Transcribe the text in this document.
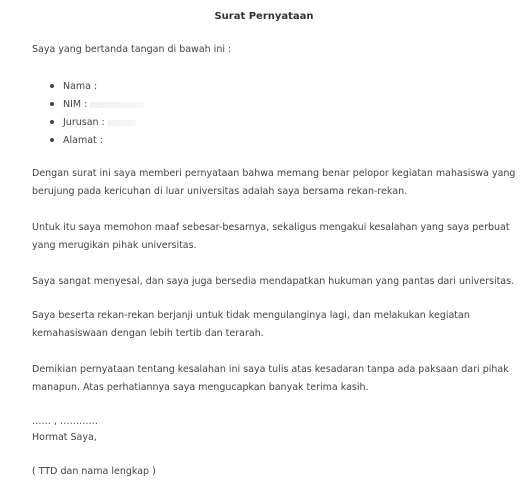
Surat Pernyataan
Saya yang bertanda tangan di bawah ini :
Nama :
NIM :
Jurusan :
Alamat :
Dengan surat ini saya memberi pernyataan bahwa memang benar pelopor kegiatan mahasiswa yang
berujung pada kericuhan di luar universitas adalah saya bersama rekan-rekan.
Untuk itu saya memohon maaf sebesar-besarnya, sekaligus mengakui kesalahan yang saya perbuat
yang merugikan pihak universitas.
Saya sangat menyesal, dan saya juga bersedia mendapatkan hukuman yang pantas dari universitas.
Saya beserta rekan-rekan berjanji untuk tidak mengulanginya lagi, dan melakukan kegiatan
kemahasiswaan dengan lebih tertib dan terarah.
Demikian pernyataan tentang kesalahan ini saya tulis atas kesadaran tanpa ada paksaan dari pihak
manapun. Atas perhatiannya saya mengucapkan banyak terima kasih.
…… , …………
Hormat Saya,
( TTD dan nama lengkap )
